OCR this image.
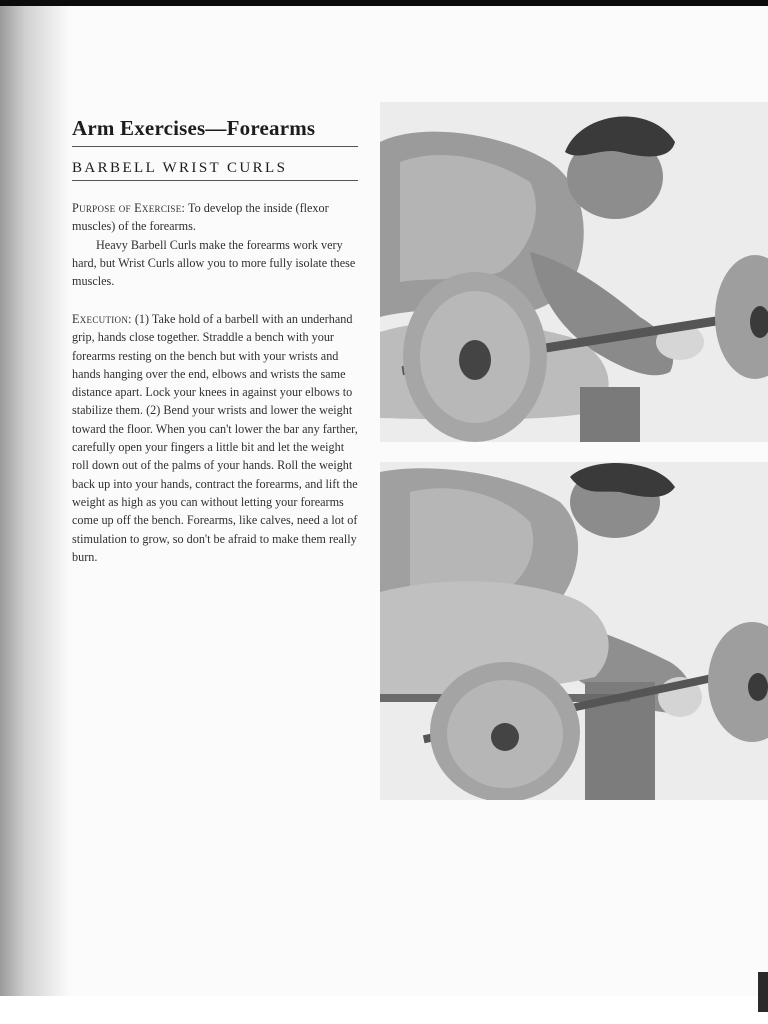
Arm Exercises—Forearms
BARBELL WRIST CURLS

Purpose of Exercise: To develop the inside (flexor muscles) of the forearms.

Heavy Barbell Curls make the forearms work very hard, but Wrist Curls allow you to more fully isolate these muscles.

Execution: (1) Take hold of a barbell with an underhand grip, hands close together. Straddle a bench with your forearms resting on the bench but with your wrists and hands hanging over the end, elbows and wrists the same distance apart. Lock your knees in against your elbows to stabilize them. (2) Bend your wrists and lower the weight toward the floor. When you can't lower the bar any farther, carefully open your fingers a little bit and let the weight roll down out of the palms of your hands. Roll the weight back up into your hands, contract the forearms, and lift the weight as high as you can without letting your forearms come up off the bench. Forearms, like calves, need a lot of stimulation to grow, so don't be afraid to make them really burn.
